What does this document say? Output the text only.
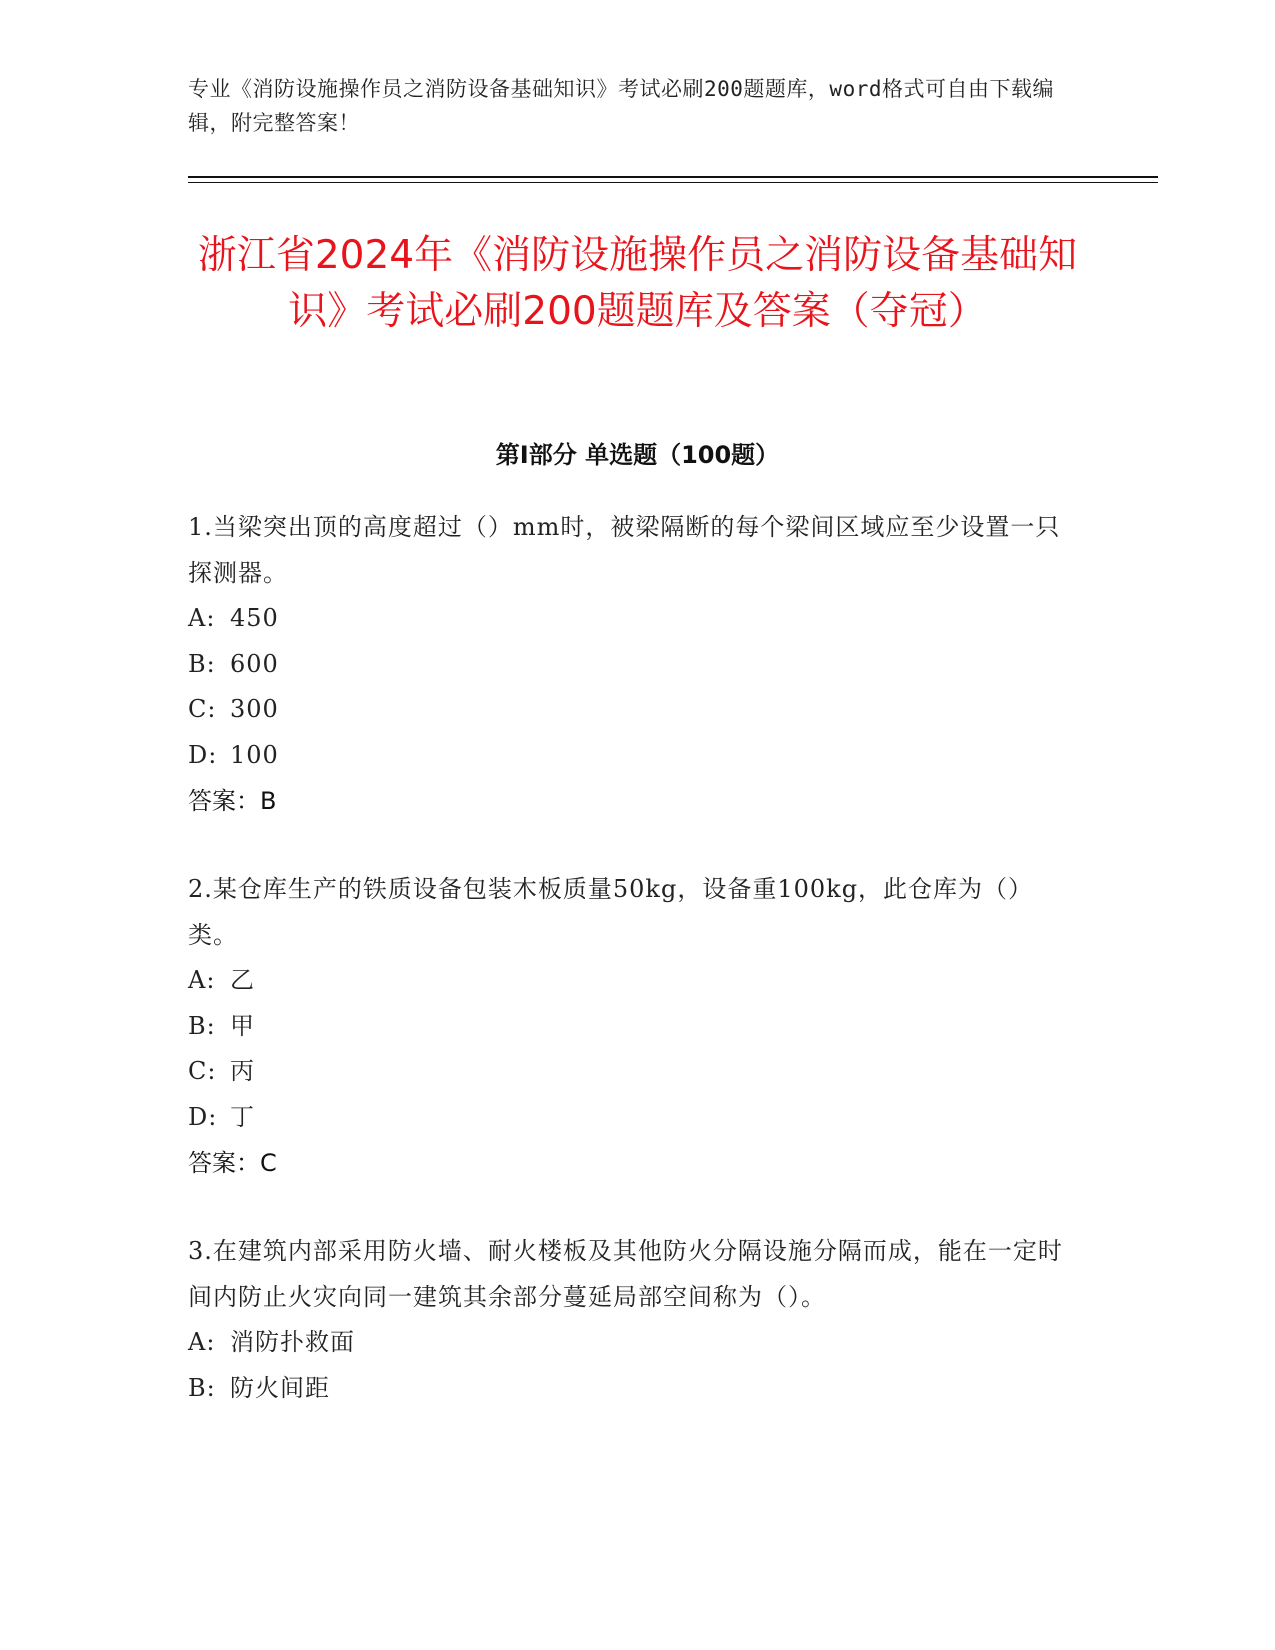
专业《消防设施操作员之消防设备基础知识》考试必刷200题题库，word格式可自由下载编辑，附完整答案！
浙江省2024年《消防设施操作员之消防设备基础知识》考试必刷200题题库及答案（夺冠）
第Ⅰ部分 单选题（100题）

1.当梁突出顶的高度超过（）mm时，被梁隔断的每个梁间区域应至少设置一只探测器。

A: 450

B: 600

C: 300

D: 100

答案：B

2.某仓库生产的铁质设备包装木板质量50kg，设备重100kg，此仓库为（）类。

A: 乙

B: 甲

C: 丙

D: 丁

答案：C

3.在建筑内部采用防火墙、耐火楼板及其他防火分隔设施分隔而成，能在一定时间内防止火灾向同一建筑其余部分蔓延局部空间称为（）。

A: 消防扑救面

B: 防火间距
